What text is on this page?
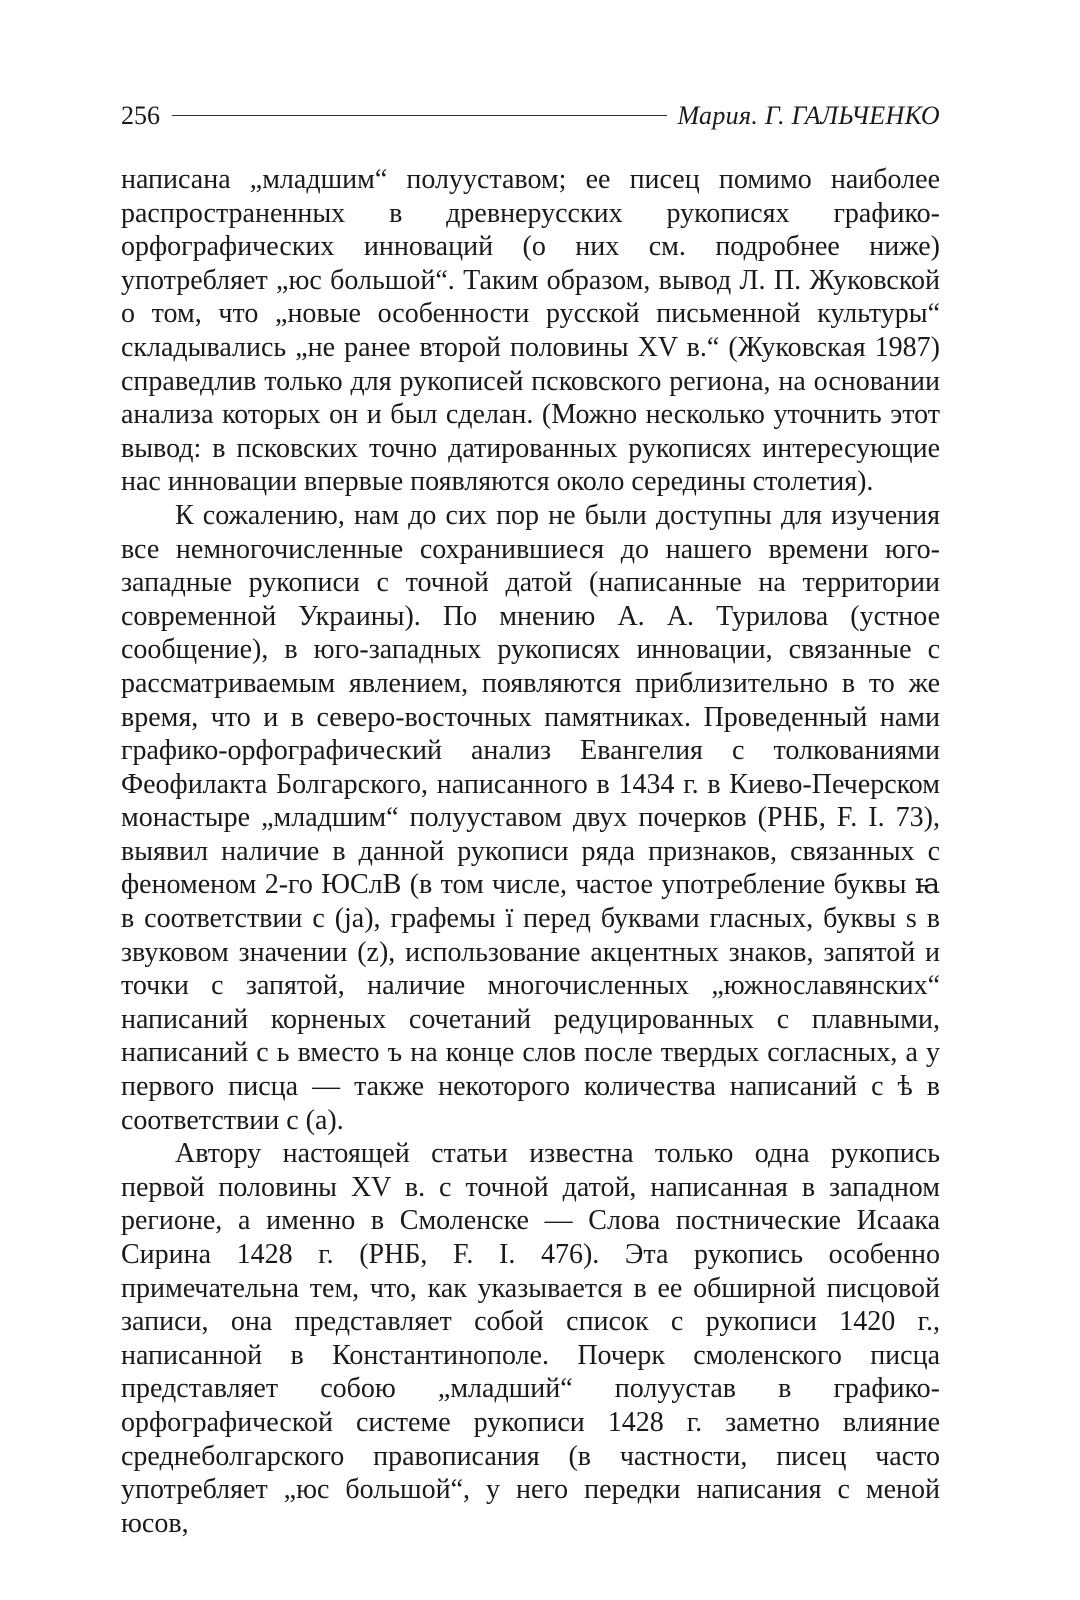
256	Мария. Г. ГАЛЬЧЕНКО

написана „младшим“ полууставом; ее писец помимо наиболее распространенных в древнерусских рукописях графико-орфографических инноваций (о них см. подробнее ниже) употребляет „юс большой“. Таким образом, вывод Л. П. Жуковской о том, что „новые особенности русской письменной культуры“ складывались „не ранее второй половины XV в.“ (Жуковская 1987) справедлив только для рукописей псковского региона, на основании анализа которых он и был сделан. (Можно несколько уточнить этот вывод: в псковских точно датированных рукописях интересующие нас инновации впервые появляются около середины столетия).

К сожалению, нам до сих пор не были доступны для изучения все немногочисленные сохранившиеся до нашего времени юго-западные рукописи с точной датой (написанные на территории современной Украины). По мнению А. А. Турилова (устное сообщение), в юго-западных рукописях инновации, связанные с рассматриваемым явлением, появляются приблизительно в то же время, что и в северо-восточных памятниках. Проведенный нами графико-орфографический анализ Евангелия с толкованиями Феофилакта Болгарского, написанного в 1434 г. в Киево-Печерском монастыре „младшим“ полууставом двух почерков (РНБ, F. I. 73), выявил наличие в данной рукописи ряда признаков, связанных с феноменом 2-го ЮСлВ (в том числе, частое употребление буквы ꙗ в соответствии с (ja), графемы ї перед буквами гласных, буквы ѕ в звуковом значении (z), использование акцентных знаков, запятой и точки с запятой, наличие многочисленных „южнославянских“ написаний корненых сочетаний редуцированных с плавными, написаний с ь вместо ъ на конце слов после твердых согласных, а у первого писца — также некоторого количества написаний с ѣ в соответствии с (а).

Автору настоящей статьи известна только одна рукопись первой половины XV в. с точной датой, написанная в западном регионе, а именно в Смоленске — Слова постнические Исаака Сирина 1428 г. (РНБ, F. I. 476). Эта рукопись особенно примечательна тем, что, как указывается в ее обширной писцовой записи, она представляет собой список с рукописи 1420 г., написанной в Константинополе. Почерк смоленского писца представляет собою „младший“ полуустав в графико-орфографической системе рукописи 1428 г. заметно влияние среднеболгарского правописания (в частности, писец часто употребляет „юс большой“, у него передки написания с меной юсов,
